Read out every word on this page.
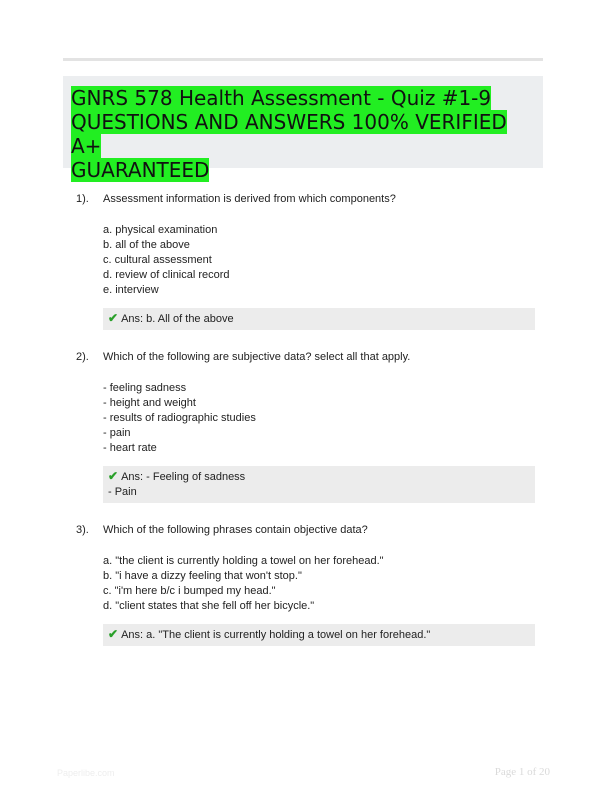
GNRS 578 Health Assessment - Quiz #1-9
QUESTIONS AND ANSWERS 100% VERIFIED A+
GUARANTEED
1). Assessment information is derived from which components?
a. physical examination
b. all of the above
c. cultural assessment
d. review of clinical record
e. interview
✔ Ans: b. All of the above
2). Which of the following are subjective data? select all that apply.
- feeling sadness
- height and weight
- results of radiographic studies
- pain
- heart rate
✔ Ans: - Feeling of sadness
- Pain
3). Which of the following phrases contain objective data?
a. "the client is currently holding a towel on her forehead."
b. "i have a dizzy feeling that won't stop."
c. "i'm here b/c i bumped my head."
d. "client states that she fell off her bicycle."
✔ Ans: a. "The client is currently holding a towel on her forehead."
Paperlibe.com	Page 1 of 20
